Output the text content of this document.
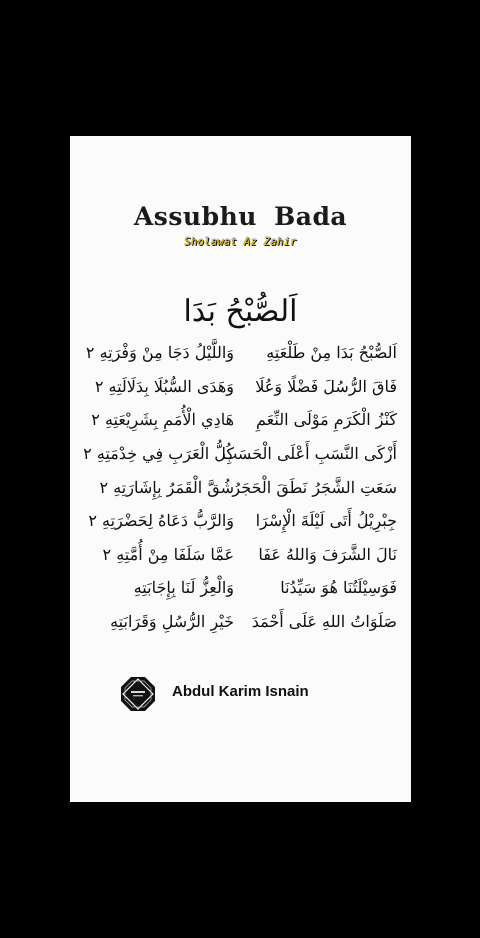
Assubhu Bada
Sholawat Az Zahir
اَلصُّبْحُ بَدَا
اَلصُّبْحُ بَدَا مِنْ طَلْعَتِهِ
وَاللَّيْلُ دَجَا مِنْ وَفْرَتِهِ ٢
فَاقَ الرُّسُلَ فَضْلًا وَعُلَا
وَهَدَى السُّبُلَا بِدَلَالَتِهِ ٢
كَنْزُ الْكَرَمِ مَوْلَى النِّعَمِ
هَادِي الْأُمَمِ بِشَرِيْعَتِهِ ٢
أَزْكَى النَّسَبِ أَعْلَى الْحَسَبِ
كُلُّ الْعَرَبِ فِي خِدْمَتِهِ ٢
سَعَتِ الشَّجَرُ نَطَقَ الْحَجَرُ
شُقَّ الْقَمَرُ بِإِشَارَتِهِ ٢
جِبْرِيْلُ أَتَى لَيْلَةَ الْإِسْرَا
وَالرَّبُّ دَعَاهُ لِحَضْرَتِهِ ٢
نَالَ الشَّرَفَ وَاللهُ عَفَا
عَمَّا سَلَفَا مِنْ أُمَّتِهِ ٢
فَوَسِيْلَتُنَا هُوَ سَيِّدُنَا
وَالْعِزُّ لَنَا بِإِجَابَتِهِ
صَلَوَاتُ اللهِ عَلَى أَحْمَدَ
خَيْرِ الرُّسُلِ وَقَرَابَتِهِ
Abdul Karim Isnain
